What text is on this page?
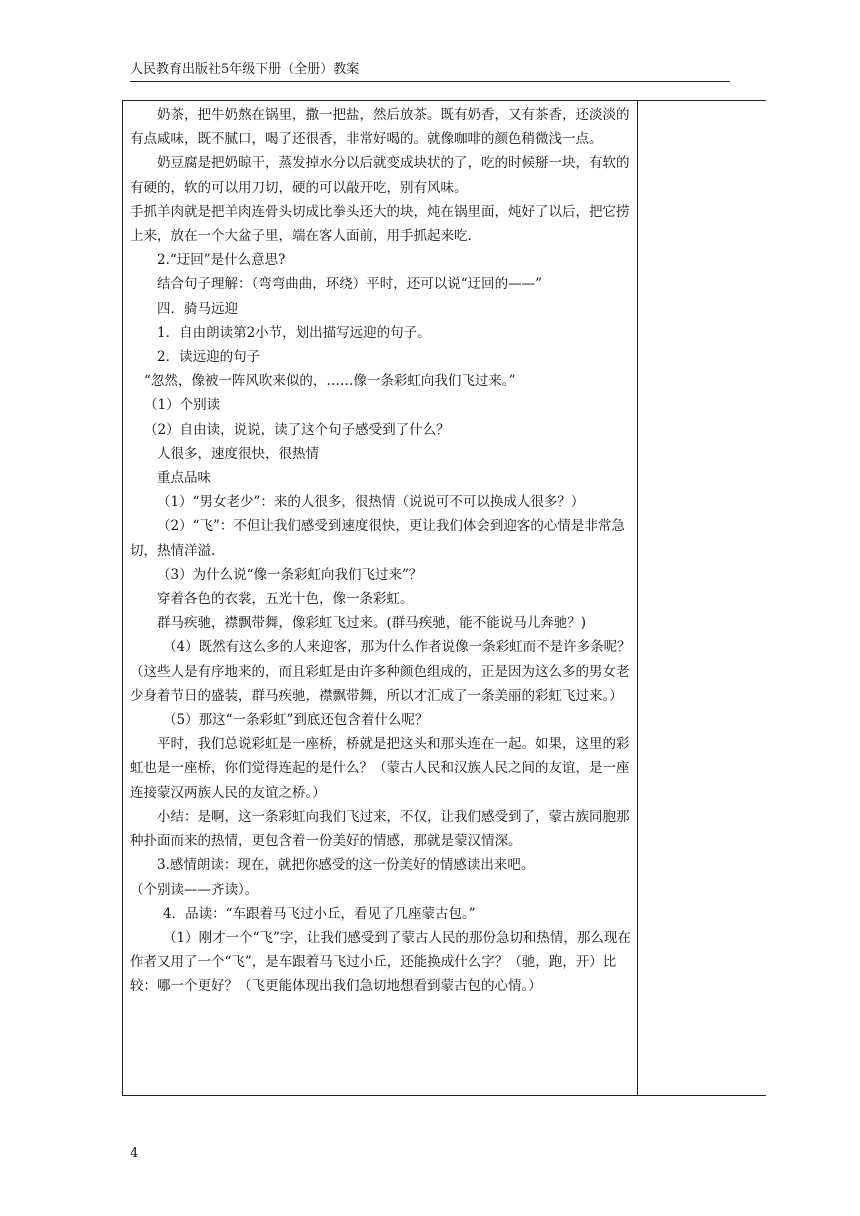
人民教育出版社5年级下册（全册）教案

奶茶，把牛奶熬在锅里，撒一把盐，然后放茶。既有奶香，又有茶香，还淡淡的有点咸味，既不腻口，喝了还很香，非常好喝的。就像咖啡的颜色稍微浅一点。

奶豆腐是把奶晾干，蒸发掉水分以后就变成块状的了，吃的时候掰一块，有软的有硬的，软的可以用刀切，硬的可以敲开吃，别有风味。

手抓羊肉就是把羊肉连骨头切成比拳头还大的块，炖在锅里面，炖好了以后，把它捞上来，放在一个大盆子里，端在客人面前，用手抓起来吃.

2.“迂回”是什么意思?

结合句子理解：（弯弯曲曲，环绕）平时，还可以说“迂回的——”

四．骑马远迎

1．自由朗读第2小节，划出描写远迎的句子。

2．读远迎的句子

“忽然，像被一阵风吹来似的，……像一条彩虹向我们飞过来。”

（1）个别读

（2）自由读，说说，读了这个句子感受到了什么？

人很多，速度很快，很热情

重点品味

（1）“男女老少”：来的人很多，很热情（说说可不可以换成人很多？）

（2）“飞”：不但让我们感受到速度很快，更让我们体会到迎客的心情是非常急切，热情洋溢.

（3）为什么说“像一条彩虹向我们飞过来”？

穿着各色的衣裳，五光十色，像一条彩虹。

群马疾驰，襟飘带舞，像彩虹飞过来。(群马疾驰，能不能说马儿奔驰？)

（4）既然有这么多的人来迎客，那为什么作者说像一条彩虹而不是许多条呢？（这些人是有序地来的，而且彩虹是由许多种颜色组成的，正是因为这么多的男女老少身着节日的盛装，群马疾驰，襟飘带舞，所以才汇成了一条美丽的彩虹飞过来。）

（5）那这“一条彩虹”到底还包含着什么呢？

平时，我们总说彩虹是一座桥，桥就是把这头和那头连在一起。如果，这里的彩虹也是一座桥，你们觉得连起的是什么？（蒙古人民和汉族人民之间的友谊，是一座连接蒙汉两族人民的友谊之桥。）

小结：是啊，这一条彩虹向我们飞过来，不仅，让我们感受到了，蒙古族同胞那种扑面而来的热情，更包含着一份美好的情感，那就是蒙汉情深。

3.感情朗读：现在，就把你感受的这一份美好的情感读出来吧。

（个别读——齐读）。

4．品读：“车跟着马飞过小丘，看见了几座蒙古包。”

（1）刚才一个“飞”字，让我们感受到了蒙古人民的那份急切和热情，那么现在作者又用了一个“飞”，是车跟着马飞过小丘，还能换成什么字？（驰，跑，开）比较：哪一个更好？（飞更能体现出我们急切地想看到蒙古包的心情。）

4
